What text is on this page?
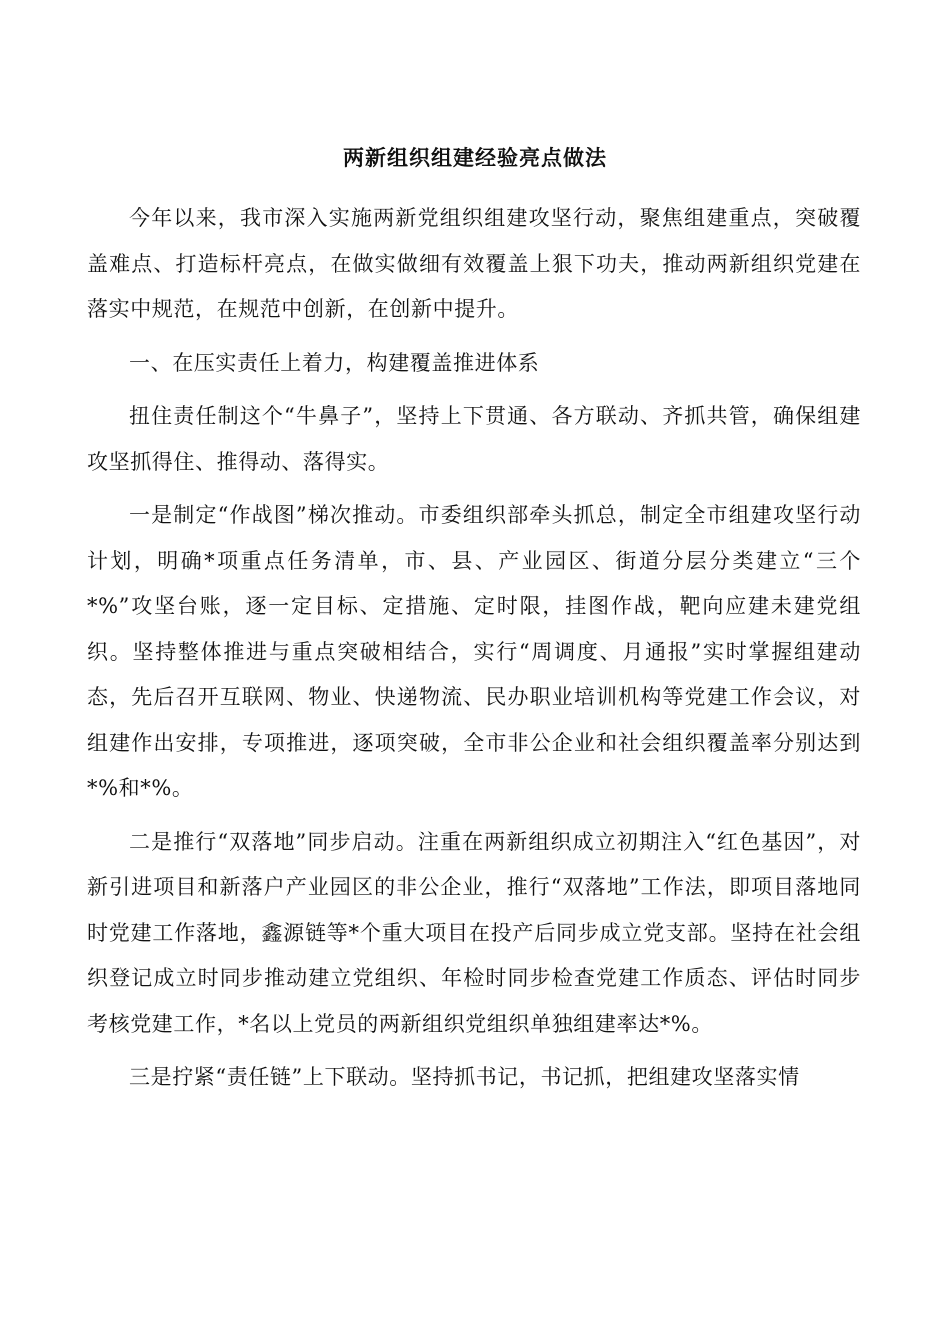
两新组织组建经验亮点做法

今年以来，我市深入实施两新党组织组建攻坚行动，聚焦组建重点，突破覆盖难点、打造标杆亮点，在做实做细有效覆盖上狠下功夫，推动两新组织党建在落实中规范，在规范中创新，在创新中提升。

一、在压实责任上着力，构建覆盖推进体系

扭住责任制这个“牛鼻子”，坚持上下贯通、各方联动、齐抓共管，确保组建攻坚抓得住、推得动、落得实。

一是制定“作战图”梯次推动。市委组织部牵头抓总，制定全市组建攻坚行动计划，明确*项重点任务清单，市、县、产业园区、街道分层分类建立“三个*%”攻坚台账，逐一定目标、定措施、定时限，挂图作战，靶向应建未建党组织。坚持整体推进与重点突破相结合，实行“周调度、月通报”实时掌握组建动态，先后召开互联网、物业、快递物流、民办职业培训机构等党建工作会议，对组建作出安排，专项推进，逐项突破，全市非公企业和社会组织覆盖率分别达到*%和*%。

二是推行“双落地”同步启动。注重在两新组织成立初期注入“红色基因”，对新引进项目和新落户产业园区的非公企业，推行“双落地”工作法，即项目落地同时党建工作落地，鑫源链等*个重大项目在投产后同步成立党支部。坚持在社会组织登记成立时同步推动建立党组织、年检时同步检查党建工作质态、评估时同步考核党建工作，*名以上党员的两新组织党组织单独组建率达*%。

三是拧紧“责任链”上下联动。坚持抓书记，书记抓，把组建攻坚落实情
